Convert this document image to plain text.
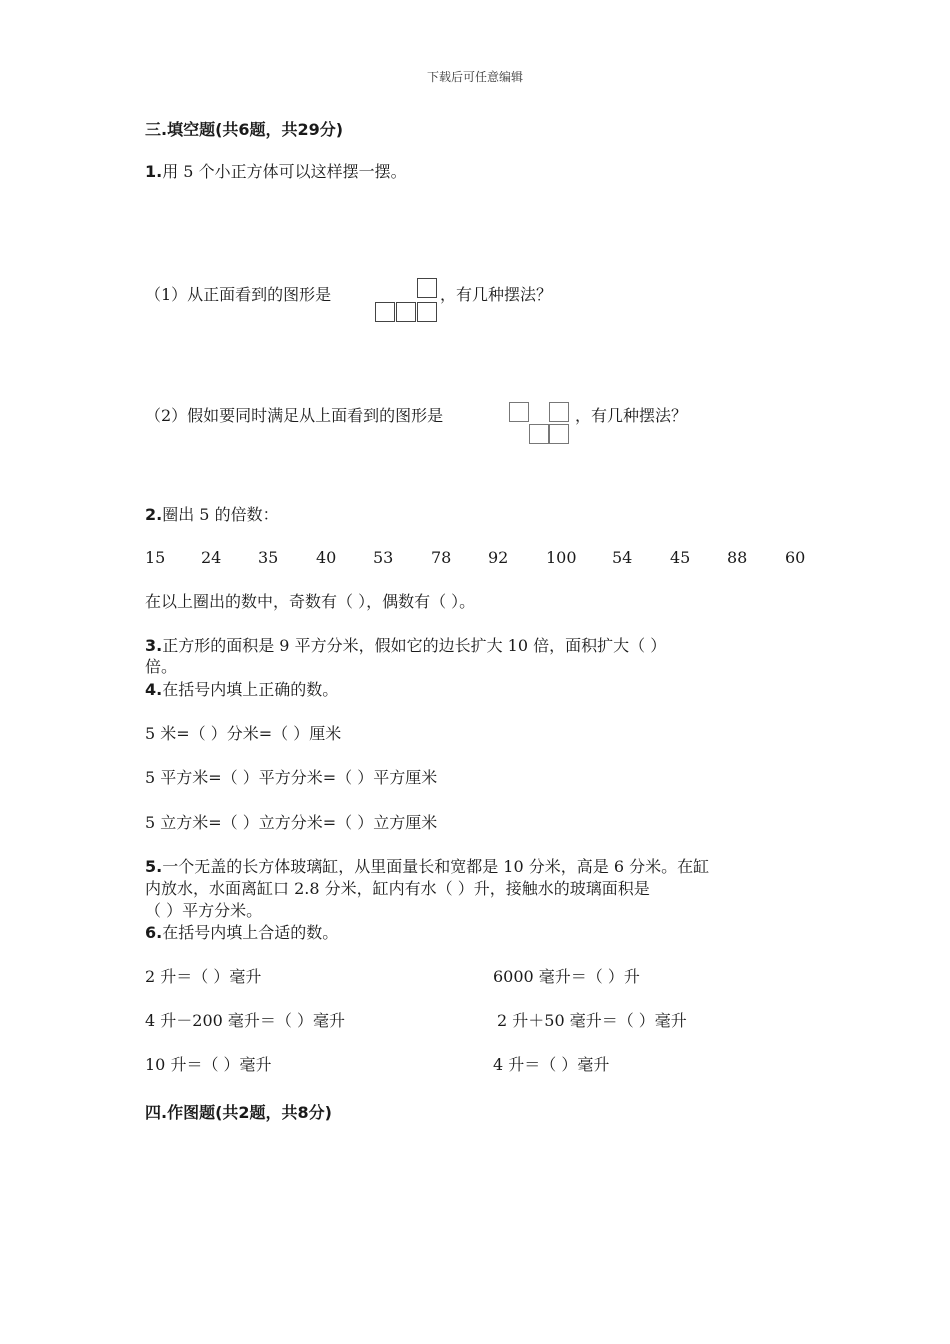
下载后可任意编辑
三.填空题(共6题，共29分)
1.用 5 个小正方体可以这样摆一摆。
（1）从正面看到的图形是	，有几种摆法？
（2）假如要同时满足从上面看到的图形是	，有几种摆法？
2.圈出 5 的倍数：
15 24 35 40 53 78 92 100 54 45 88 60
在以上圈出的数中，奇数有（ ），偶数有（ ）。
3.正方形的面积是 9 平方分米，假如它的边长扩大 10 倍，面积扩大（ ）
倍。
4.在括号内填上正确的数。
5 米=（ ）分米=（ ）厘米
5 平方米=（ ）平方分米=（ ）平方厘米
5 立方米=（ ）立方分米=（ ）立方厘米
5.一个无盖的长方体玻璃缸，从里面量长和宽都是 10 分米，高是 6 分米。在缸
内放水，水面离缸口 2.8 分米，缸内有水（ ）升，接触水的玻璃面积是
（ ）平方分米。
6.在括号内填上合适的数。
2 升＝（ ）毫升	6000 毫升＝（ ）升
4 升－200 毫升＝（ ）毫升	2 升＋50 毫升＝（ ）毫升
10 升＝（ ）毫升	4 升＝（ ）毫升
四.作图题(共2题，共8分)
